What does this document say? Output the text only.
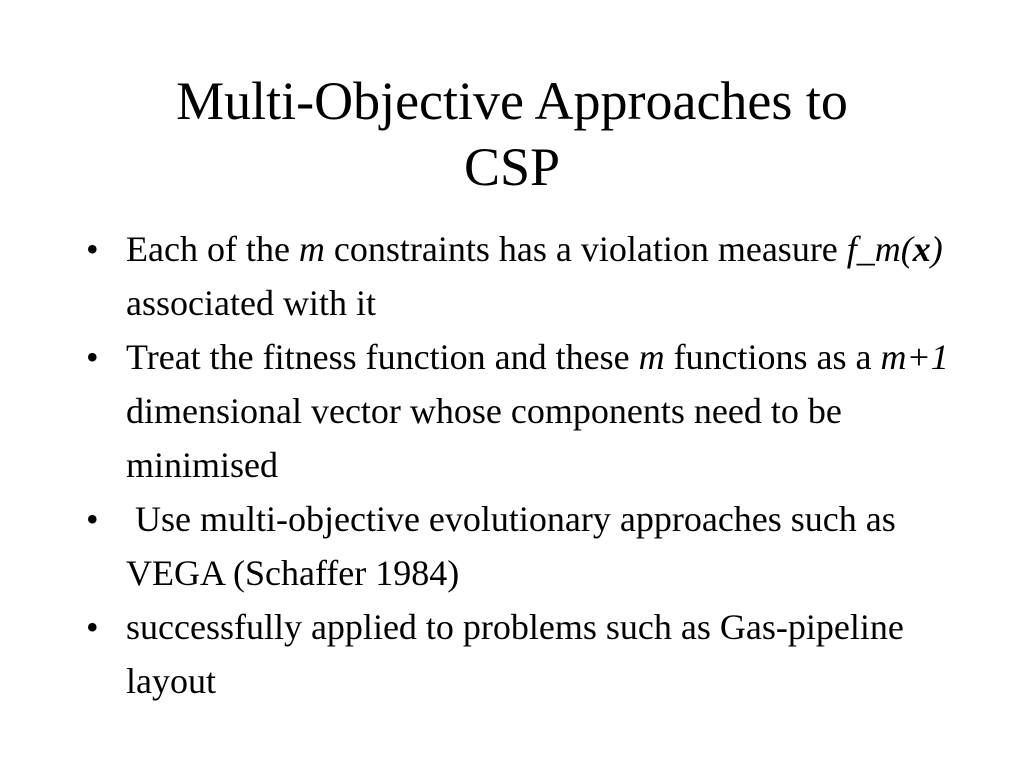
Multi-Objective Approaches to
CSP
• Each of the m constraints has a violation measure f_m(x) associated with it
• Treat the fitness function and these m functions as a m+1 dimensional vector whose components need to be minimised
• Use multi-objective evolutionary approaches such as VEGA (Schaffer 1984)
• successfully applied to problems such as Gas-pipeline layout
